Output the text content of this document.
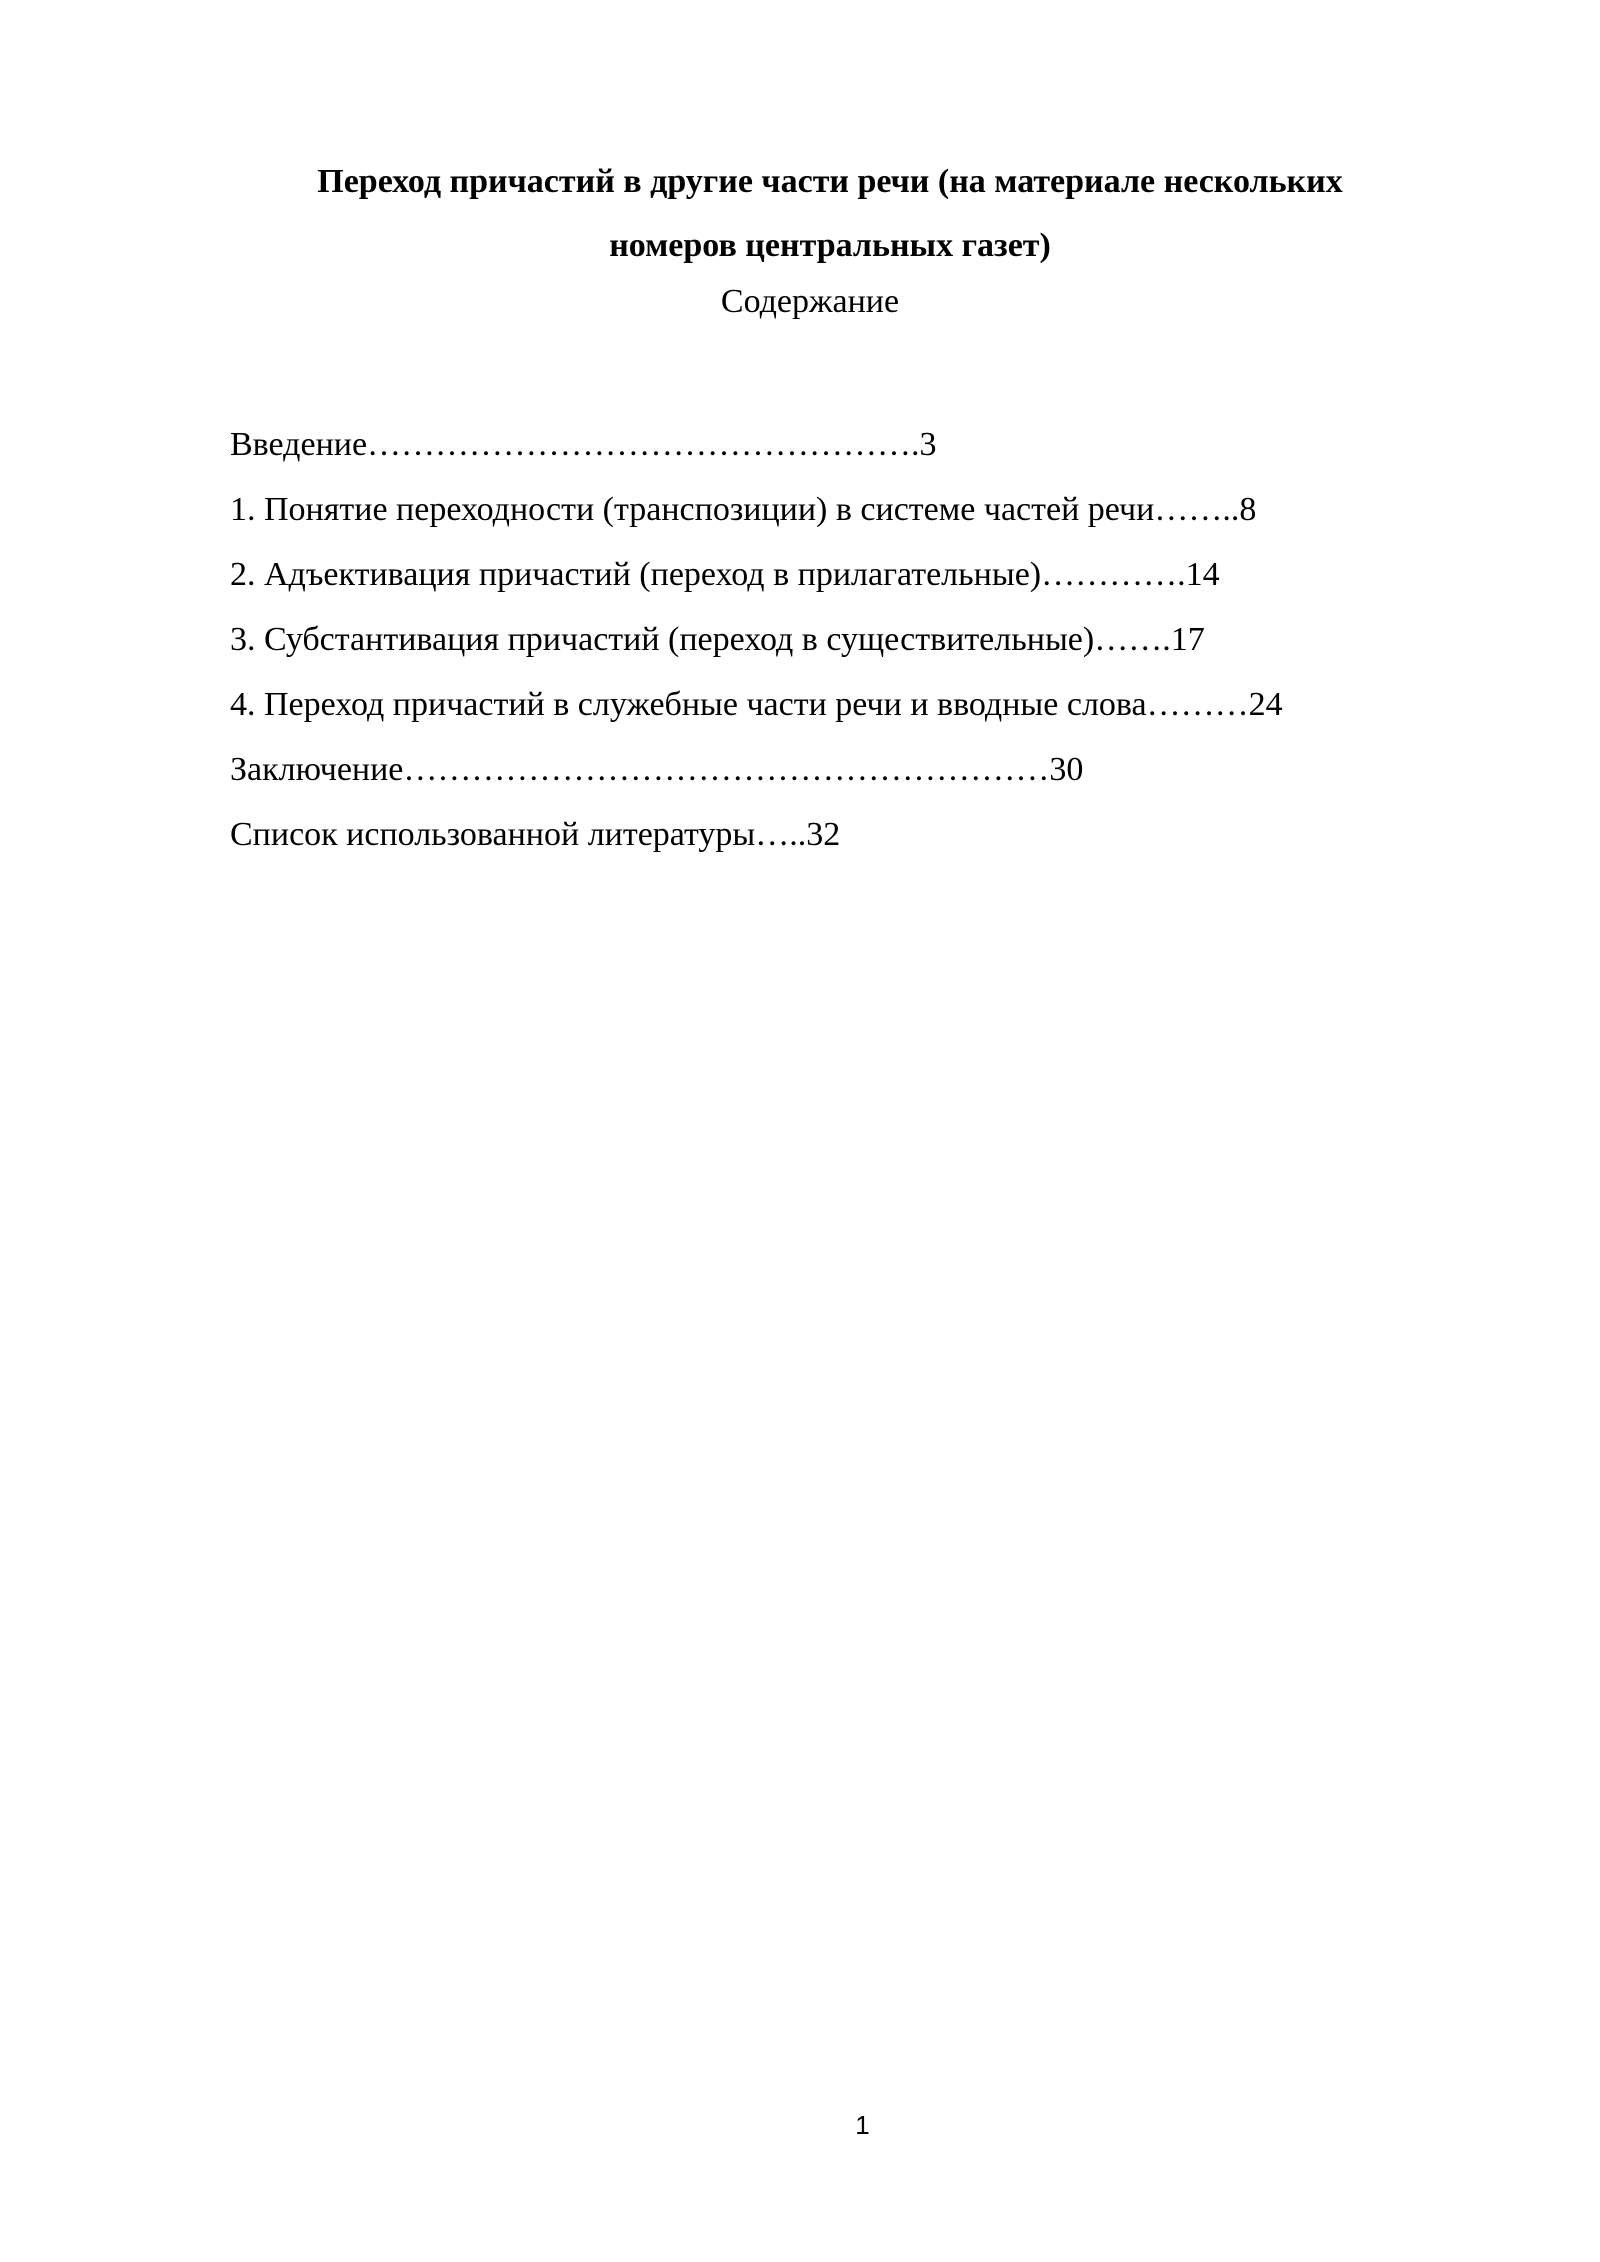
Переход причастий в другие части речи (на материале нескольких
номеров центральных газет)
Содержание
Введение………………………………………….3
1. Понятие переходности (транспозиции) в системе частей речи……..8
2. Адъективация причастий (переход в прилагательные)………….14
3. Субстантивация причастий (переход в существительные)…….17
4. Переход причастий в служебные части речи и вводные слова………24
Заключение…………………………………………………30
Список использованной литературы…..32
1
